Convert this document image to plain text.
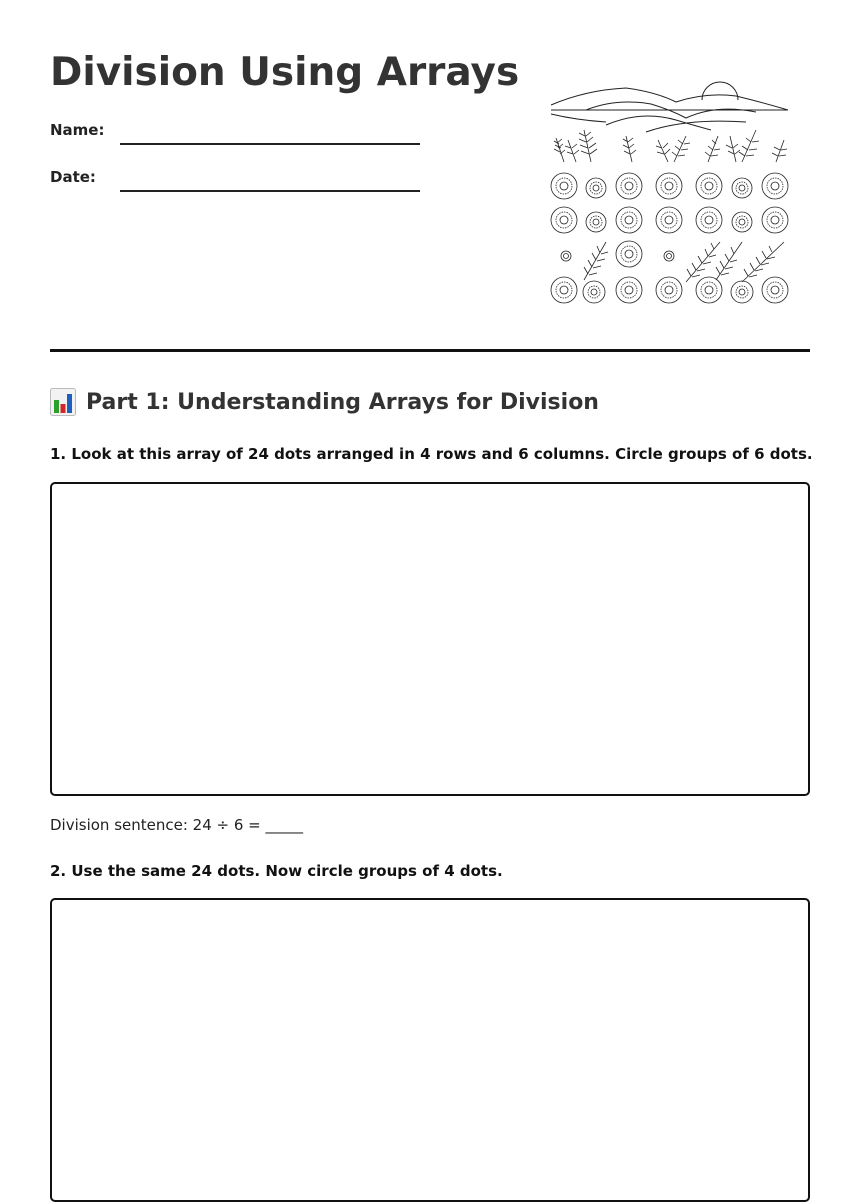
Division Using Arrays
Name:
Date:
Part 1: Understanding Arrays for Division
1. Look at this array of 24 dots arranged in 4 rows and 6 columns. Circle groups of 6 dots.
Division sentence: 24 ÷ 6 = _____
2. Use the same 24 dots. Now circle groups of 4 dots.
